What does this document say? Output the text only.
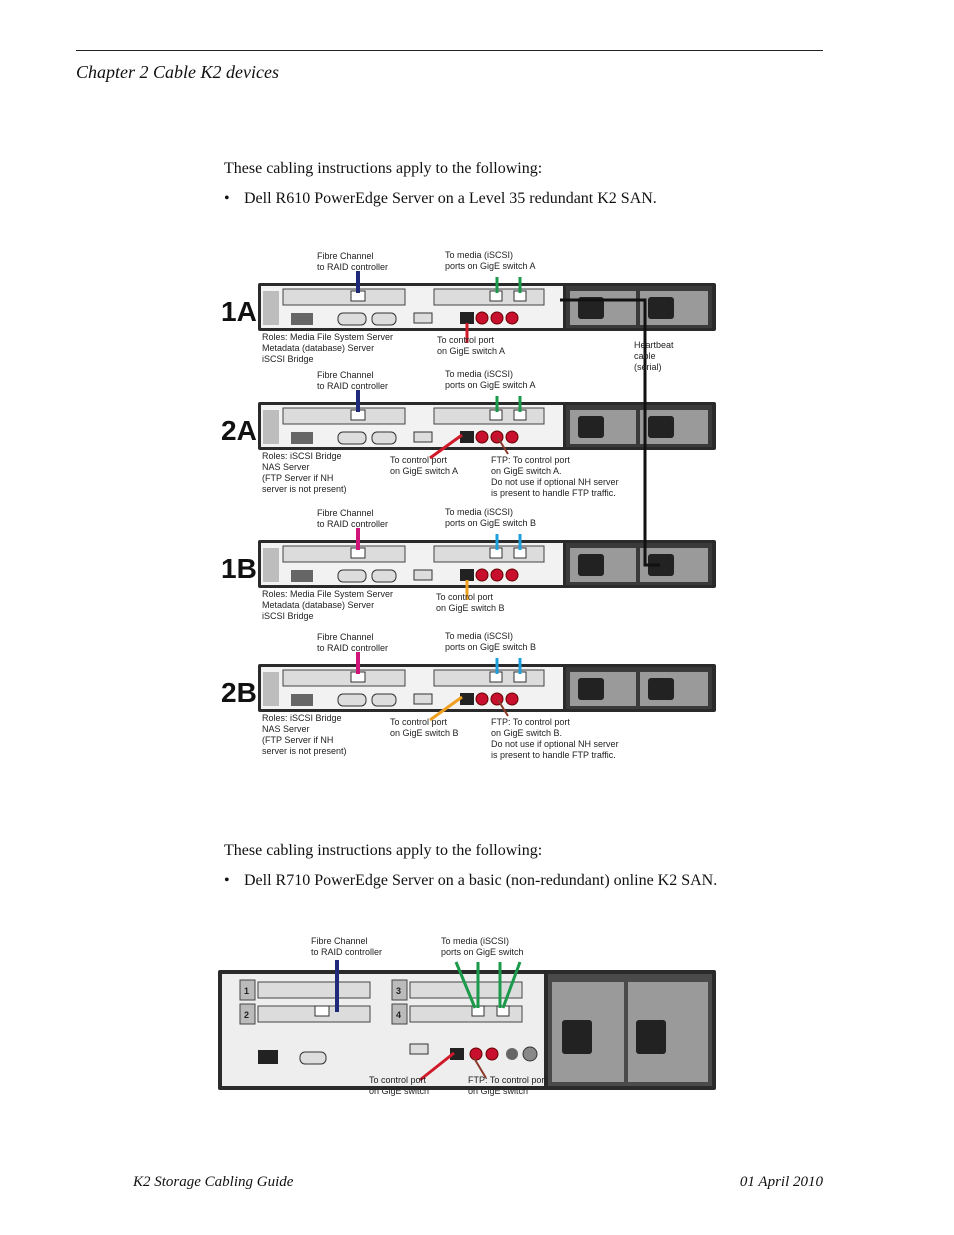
Chapter 2 Cable K2 devices
These cabling instructions apply to the following:
• Dell R610 PowerEdge Server on a Level 35 redundant K2 SAN.
1A
Fibre Channel to RAID controller
To media (iSCSI) ports on GigE switch A
Roles: Media File System Server Metadata (database) Server iSCSI Bridge
To control port on GigE switch A
2A
Fibre Channel to RAID controller
To media (iSCSI) ports on GigE switch A
Roles: iSCSI Bridge NAS Server (FTP Server if NH server is not present)
To control port on GigE switch A
FTP: To control port on GigE switch A. Do not use if optional NH server is present to handle FTP traffic.
1B
Fibre Channel to RAID controller
To media (iSCSI) ports on GigE switch B
Roles: Media File System Server Metadata (database) Server iSCSI Bridge
To control port on GigE switch B
2B
Fibre Channel to RAID controller
To media (iSCSI) ports on GigE switch B
Roles: iSCSI Bridge NAS Server (FTP Server if NH server is not present)
To control port on GigE switch B
FTP: To control port on GigE switch B. Do not use if optional NH server is present to handle FTP traffic.
Heartbeat cable (serial)
These cabling instructions apply to the following:
• Dell R710 PowerEdge Server on a basic (non-redundant) online K2 SAN.
1
2
3
4
Fibre Channel to RAID controller
To media (iSCSI) ports on GigE switch
To control port on GigE switch
FTP: To control port on GigE switch
K2 Storage Cabling Guide	01 April 2010
